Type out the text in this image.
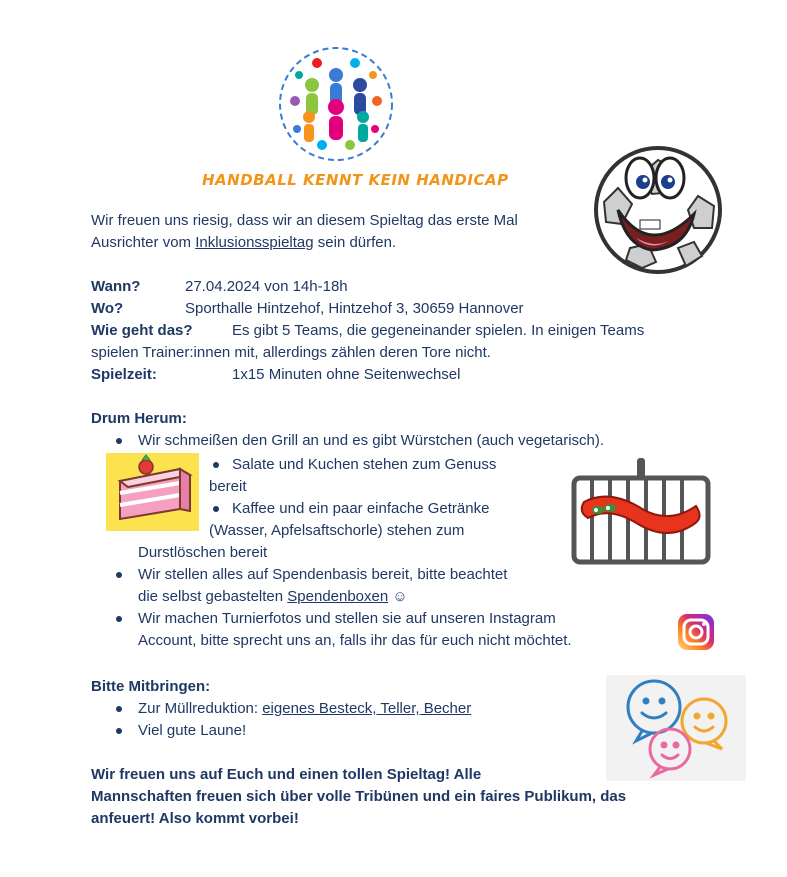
HANDBALL KENNT KEIN HANDICAP
Wir freuen uns riesig, dass wir an diesem Spieltag das erste Mal
Ausrichter vom Inklusionsspieltag sein dürfen.
Wann?	27.04.2024 von 14h-18h
Wo?	Sporthalle Hintzehof, Hintzehof 3, 30659 Hannover
Wie geht das?	Es gibt 5 Teams, die gegeneinander spielen. In einigen Teams
spielen Trainer:innen mit, allerdings zählen deren Tore nicht.
Spielzeit:	1x15 Minuten ohne Seitenwechsel
Drum Herum:
Wir schmeißen den Grill an und es gibt Würstchen (auch vegetarisch).
Salate und Kuchen stehen zum Genuss
bereit
Kaffee und ein paar einfache Getränke
(Wasser, Apfelsaftschorle) stehen zum
Durstlöschen bereit
Wir stellen alles auf Spendenbasis bereit, bitte beachtet
die selbst gebastelten Spendenboxen ☺
Wir machen Turnierfotos und stellen sie auf unseren Instagram
Account, bitte sprecht uns an, falls ihr das für euch nicht möchtet.
Bitte Mitbringen:
Zur Müllreduktion: eigenes Besteck, Teller, Becher
Viel gute Laune!
Wir freuen uns auf Euch und einen tollen Spieltag! Alle
Mannschaften freuen sich über volle Tribünen und ein faires Publikum, das
anfeuert! Also kommt vorbei!
